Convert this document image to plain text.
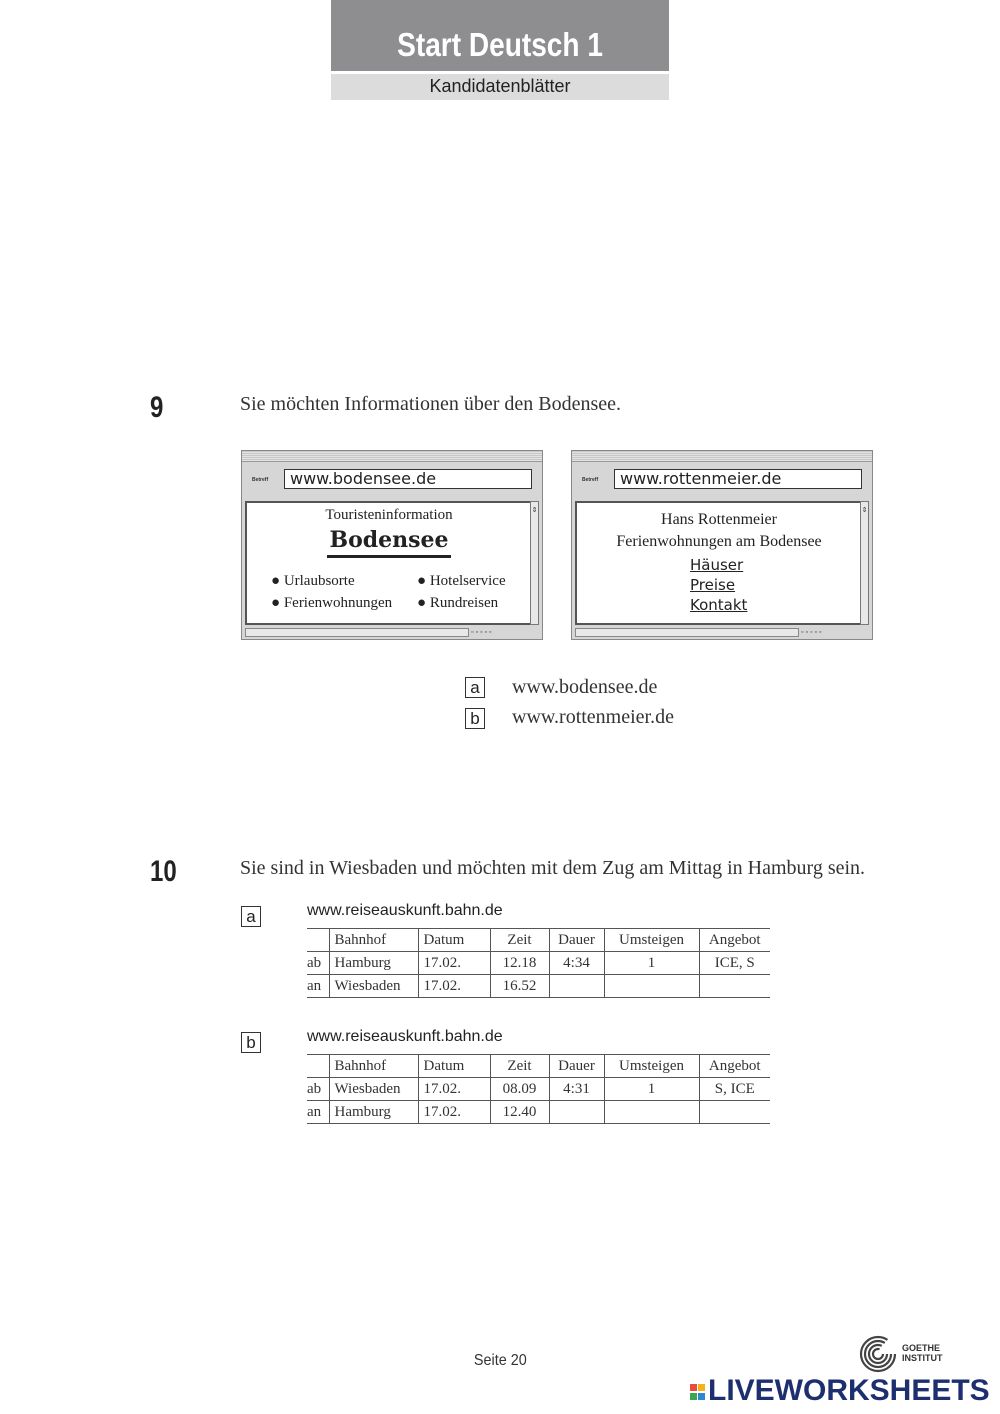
Start Deutsch 1
Kandidatenblätter
9	Sie möchten Informationen über den Bodensee.
Betreff	www.bodensee.de
Touristeninformation
Bodensee
● Urlaubsorte	● Hotelservice
● Ferienwohnungen ● Rundreisen
⇕
▫▫▫▫▫
Betreff	www.rottenmeier.de
Hans Rottenmeier
Ferienwohnungen am Bodensee
Häuser
Preise
Kontakt
⇕
▫▫▫▫▫
a www.bodensee.de
b www.rottenmeier.de
10	Sie sind in Wiesbaden und möchten mit dem Zug am Mittag in Hamburg sein.
a	www.reiseauskunft.bahn.de
	Bahnhof	Datum	Zeit	Dauer	Umsteigen	Angebot
ab	Hamburg	17.02.	12.18	4:34	1	ICE, S
an	Wiesbaden	17.02.	16.52			
b	www.reiseauskunft.bahn.de
	Bahnhof	Datum	Zeit	Dauer	Umsteigen	Angebot
ab	Wiesbaden	17.02.	08.09	4:31	1	S, ICE
an	Hamburg	17.02.	12.40			
Seite 20
GOETHE
INSTITUT

LIVEWORKSHEETS
